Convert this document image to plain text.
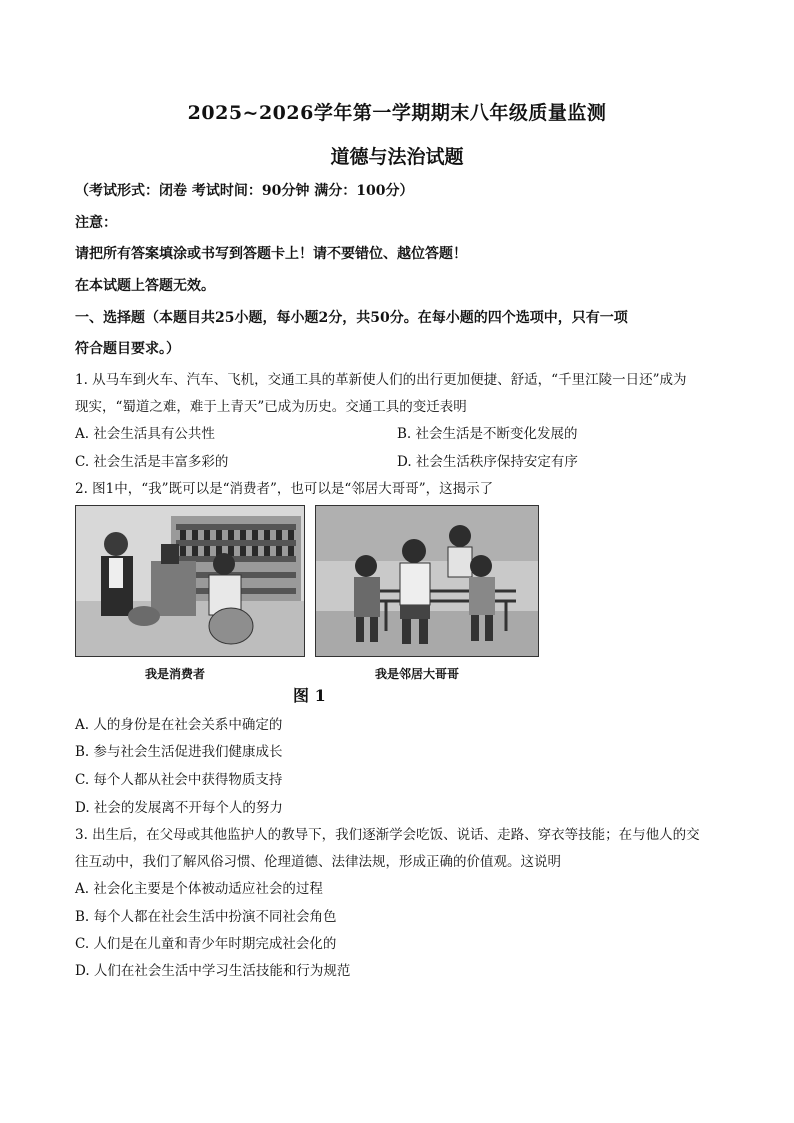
2025~2026学年第一学期期末八年级质量监测
道德与法治试题
（考试形式：闭卷 考试时间：90分钟 满分：100分）
注意：
请把所有答案填涂或书写到答题卡上！请不要错位、越位答题！
在本试题上答题无效。
一、选择题（本题目共25小题，每小题2分，共50分。在每小题的四个选项中，只有一项
符合题目要求。）
1. 从马车到火车、汽车、飞机，交通工具的革新使人们的出行更加便捷、舒适，“千里江陵一日还”成为
现实，“蜀道之难，难于上青天”已成为历史。交通工具的变迁表明
A. 社会生活具有公共性	B. 社会生活是不断变化发展的
C. 社会生活是丰富多彩的	D. 社会生活秩序保持安定有序
2. 图1中，“我”既可以是“消费者”，也可以是“邻居大哥哥”，这揭示了
我是消费者	我是邻居大哥哥
图 1
A. 人的身份是在社会关系中确定的
B. 参与社会生活促进我们健康成长
C. 每个人都从社会中获得物质支持
D. 社会的发展离不开每个人的努力
3. 出生后，在父母或其他监护人的教导下，我们逐渐学会吃饭、说话、走路、穿衣等技能；在与他人的交
往互动中，我们了解风俗习惯、伦理道德、法律法规，形成正确的价值观。这说明
A. 社会化主要是个体被动适应社会的过程
B. 每个人都在社会生活中扮演不同社会角色
C. 人们是在儿童和青少年时期完成社会化的
D. 人们在社会生活中学习生活技能和行为规范
